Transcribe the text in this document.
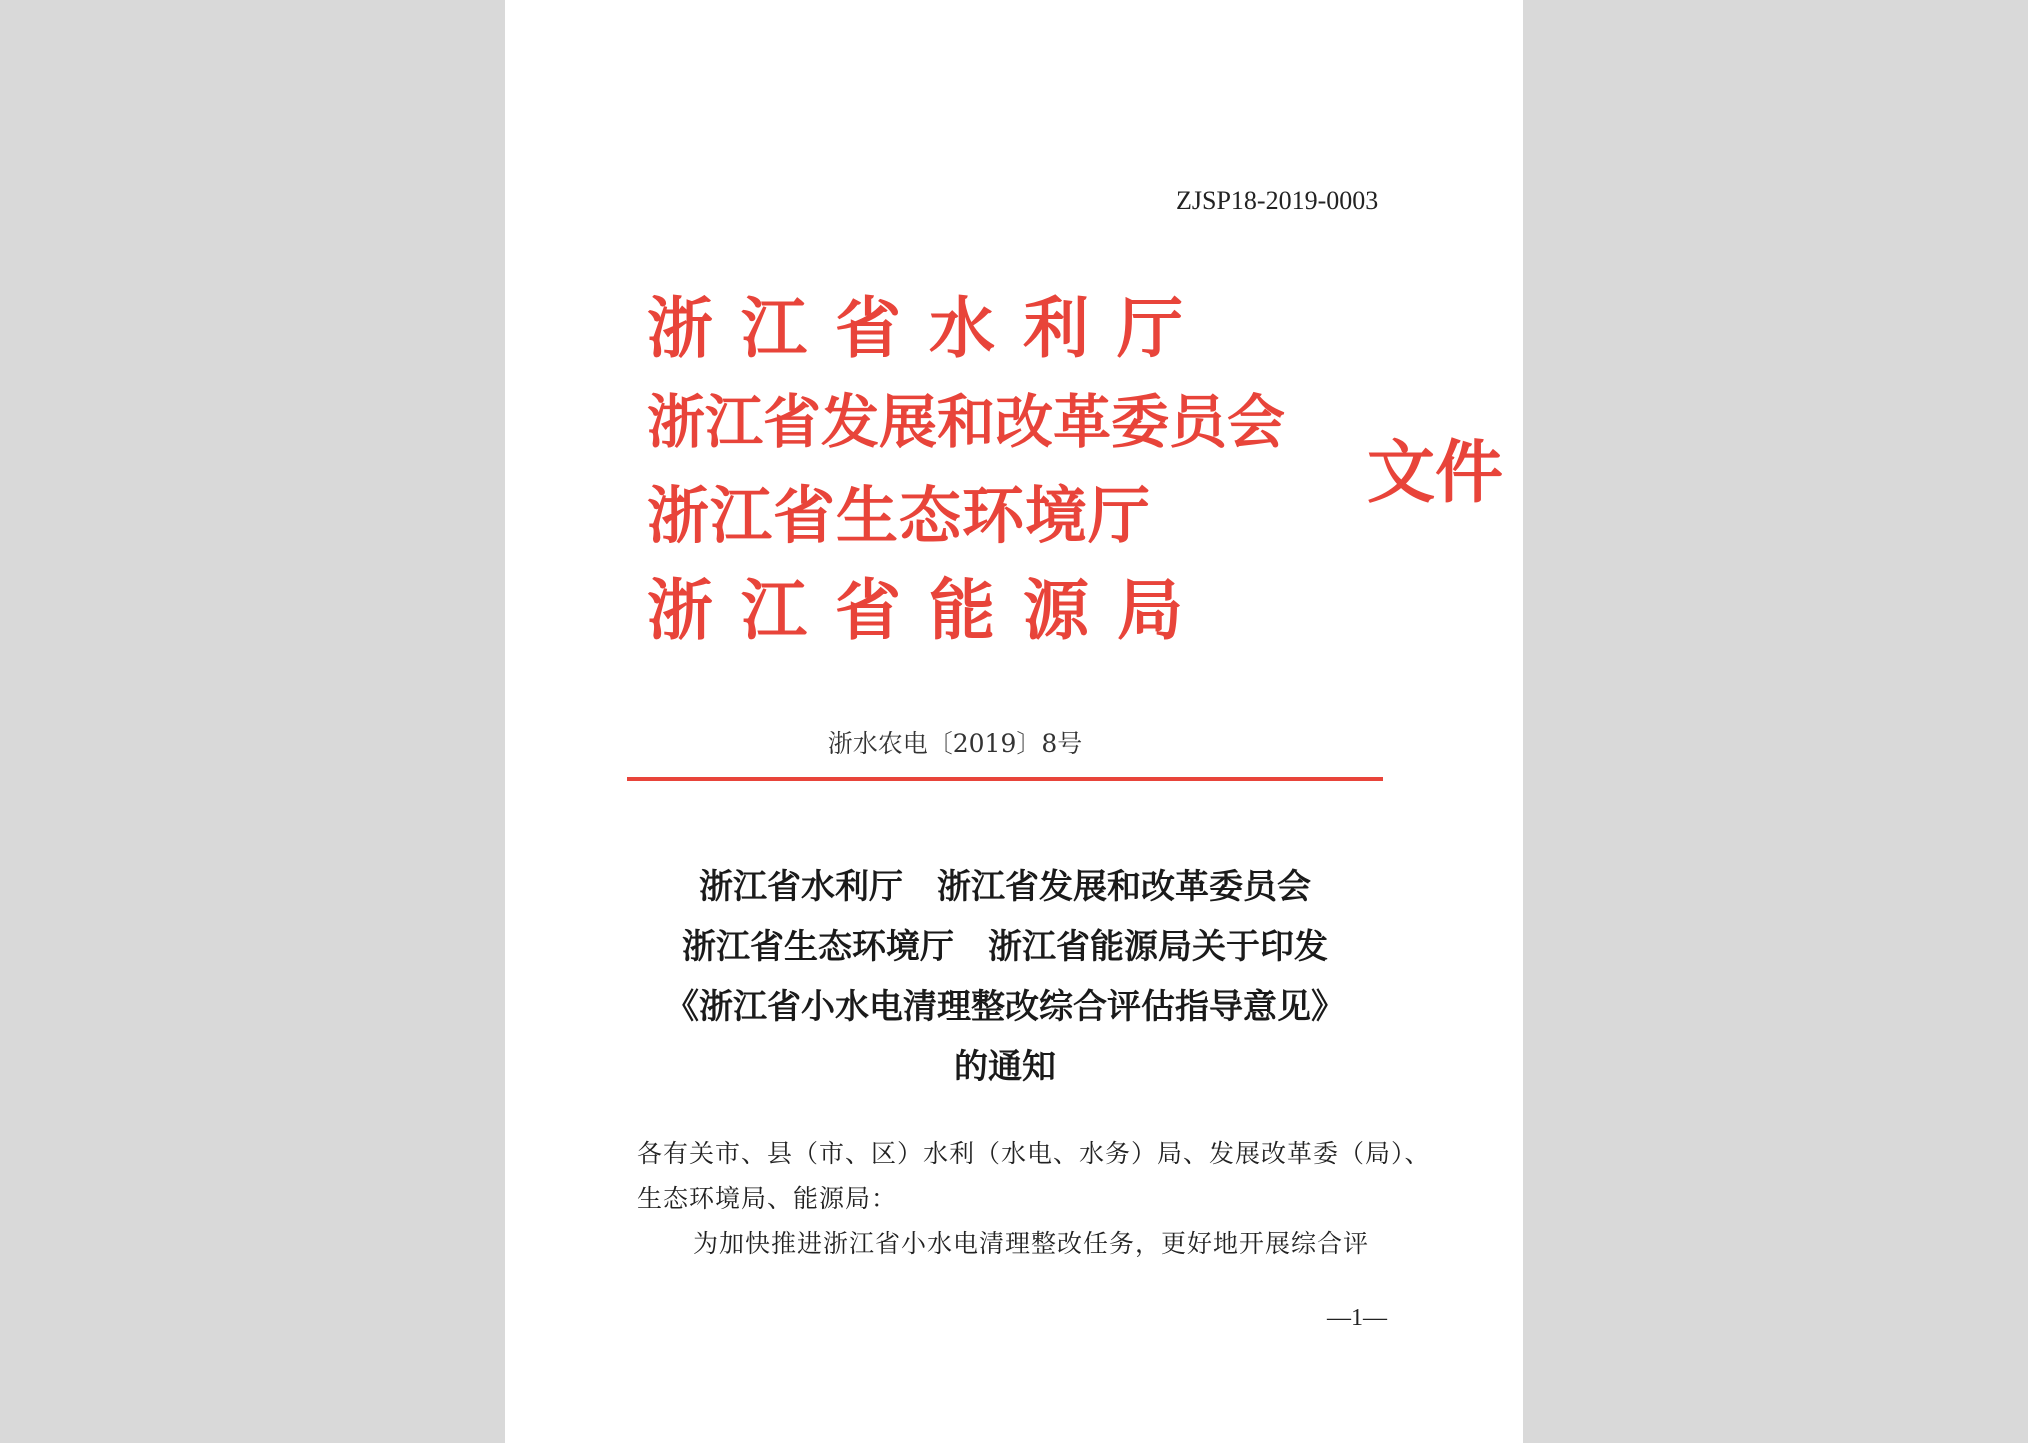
ZJSP18-2019-0003
浙江省水利厅
浙江省发展和改革委员会
浙江省生态环境厅
浙江省能源局
文件
浙水农电〔2019〕8号
浙江省水利厅　浙江省发展和改革委员会
浙江省生态环境厅　浙江省能源局关于印发
《浙江省小水电清理整改综合评估指导意见》
的通知
各有关市、县（市、区）水利（水电、水务）局、发展改革委（局）、
生态环境局、能源局：
为加快推进浙江省小水电清理整改任务，更好地开展综合评
—1—
